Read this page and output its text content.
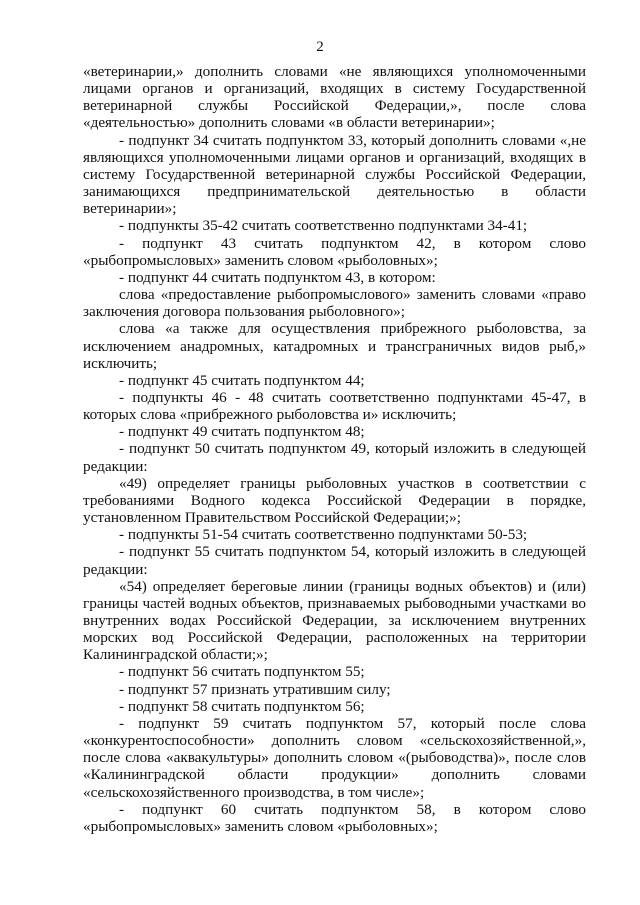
2

«ветеринарии,» дополнить словами «не являющихся уполномоченными лицами органов и организаций, входящих в систему Государственной ветеринарной службы Российской Федерации,», после слова «деятельностью» дополнить словами «в области ветеринарии»;

- подпункт 34 считать подпунктом 33, который дополнить словами «,не являющихся уполномоченными лицами органов и организаций, входящих в систему Государственной ветеринарной службы Российской Федерации, занимающихся предпринимательской деятельностью в области ветеринарии»;

- подпункты 35-42 считать соответственно подпунктами 34-41;

- подпункт 43 считать подпунктом 42, в котором слово «рыбопромысловых» заменить словом «рыболовных»;

- подпункт 44 считать подпунктом 43, в котором:

слова «предоставление рыбопромыслового» заменить словами «право заключения договора пользования рыболовного»;

слова «а также для осуществления прибрежного рыболовства, за исключением анадромных, катадромных и трансграничных видов рыб,» исключить;

- подпункт 45 считать подпунктом 44;

- подпункты 46 - 48 считать соответственно подпунктами 45-47, в которых слова «прибрежного рыболовства и» исключить;

- подпункт 49 считать подпунктом 48;

- подпункт 50 считать подпунктом 49, который изложить в следующей редакции:

«49) определяет границы рыболовных участков в соответствии с требованиями Водного кодекса Российской Федерации в порядке, установленном Правительством Российской Федерации;»;

- подпункты 51-54 считать соответственно подпунктами 50-53;

- подпункт 55 считать подпунктом 54, который изложить в следующей редакции:

«54) определяет береговые линии (границы водных объектов) и (или) границы частей водных объектов, признаваемых рыбоводными участками во внутренних водах Российской Федерации, за исключением внутренних морских вод Российской Федерации, расположенных на территории Калининградской области;»;

- подпункт 56 считать подпунктом 55;

- подпункт 57 признать утратившим силу;

- подпункт 58 считать подпунктом 56;

- подпункт 59 считать подпунктом 57, который после слова «конкурентоспособности» дополнить словом «сельскохозяйственной,», после слова «аквакультуры» дополнить словом «(рыбоводства)», после слов «Калининградской области продукции» дополнить словами «сельскохозяйственного производства, в том числе»;

- подпункт 60 считать подпунктом 58, в котором слово «рыбопромысловых» заменить словом «рыболовных»;
